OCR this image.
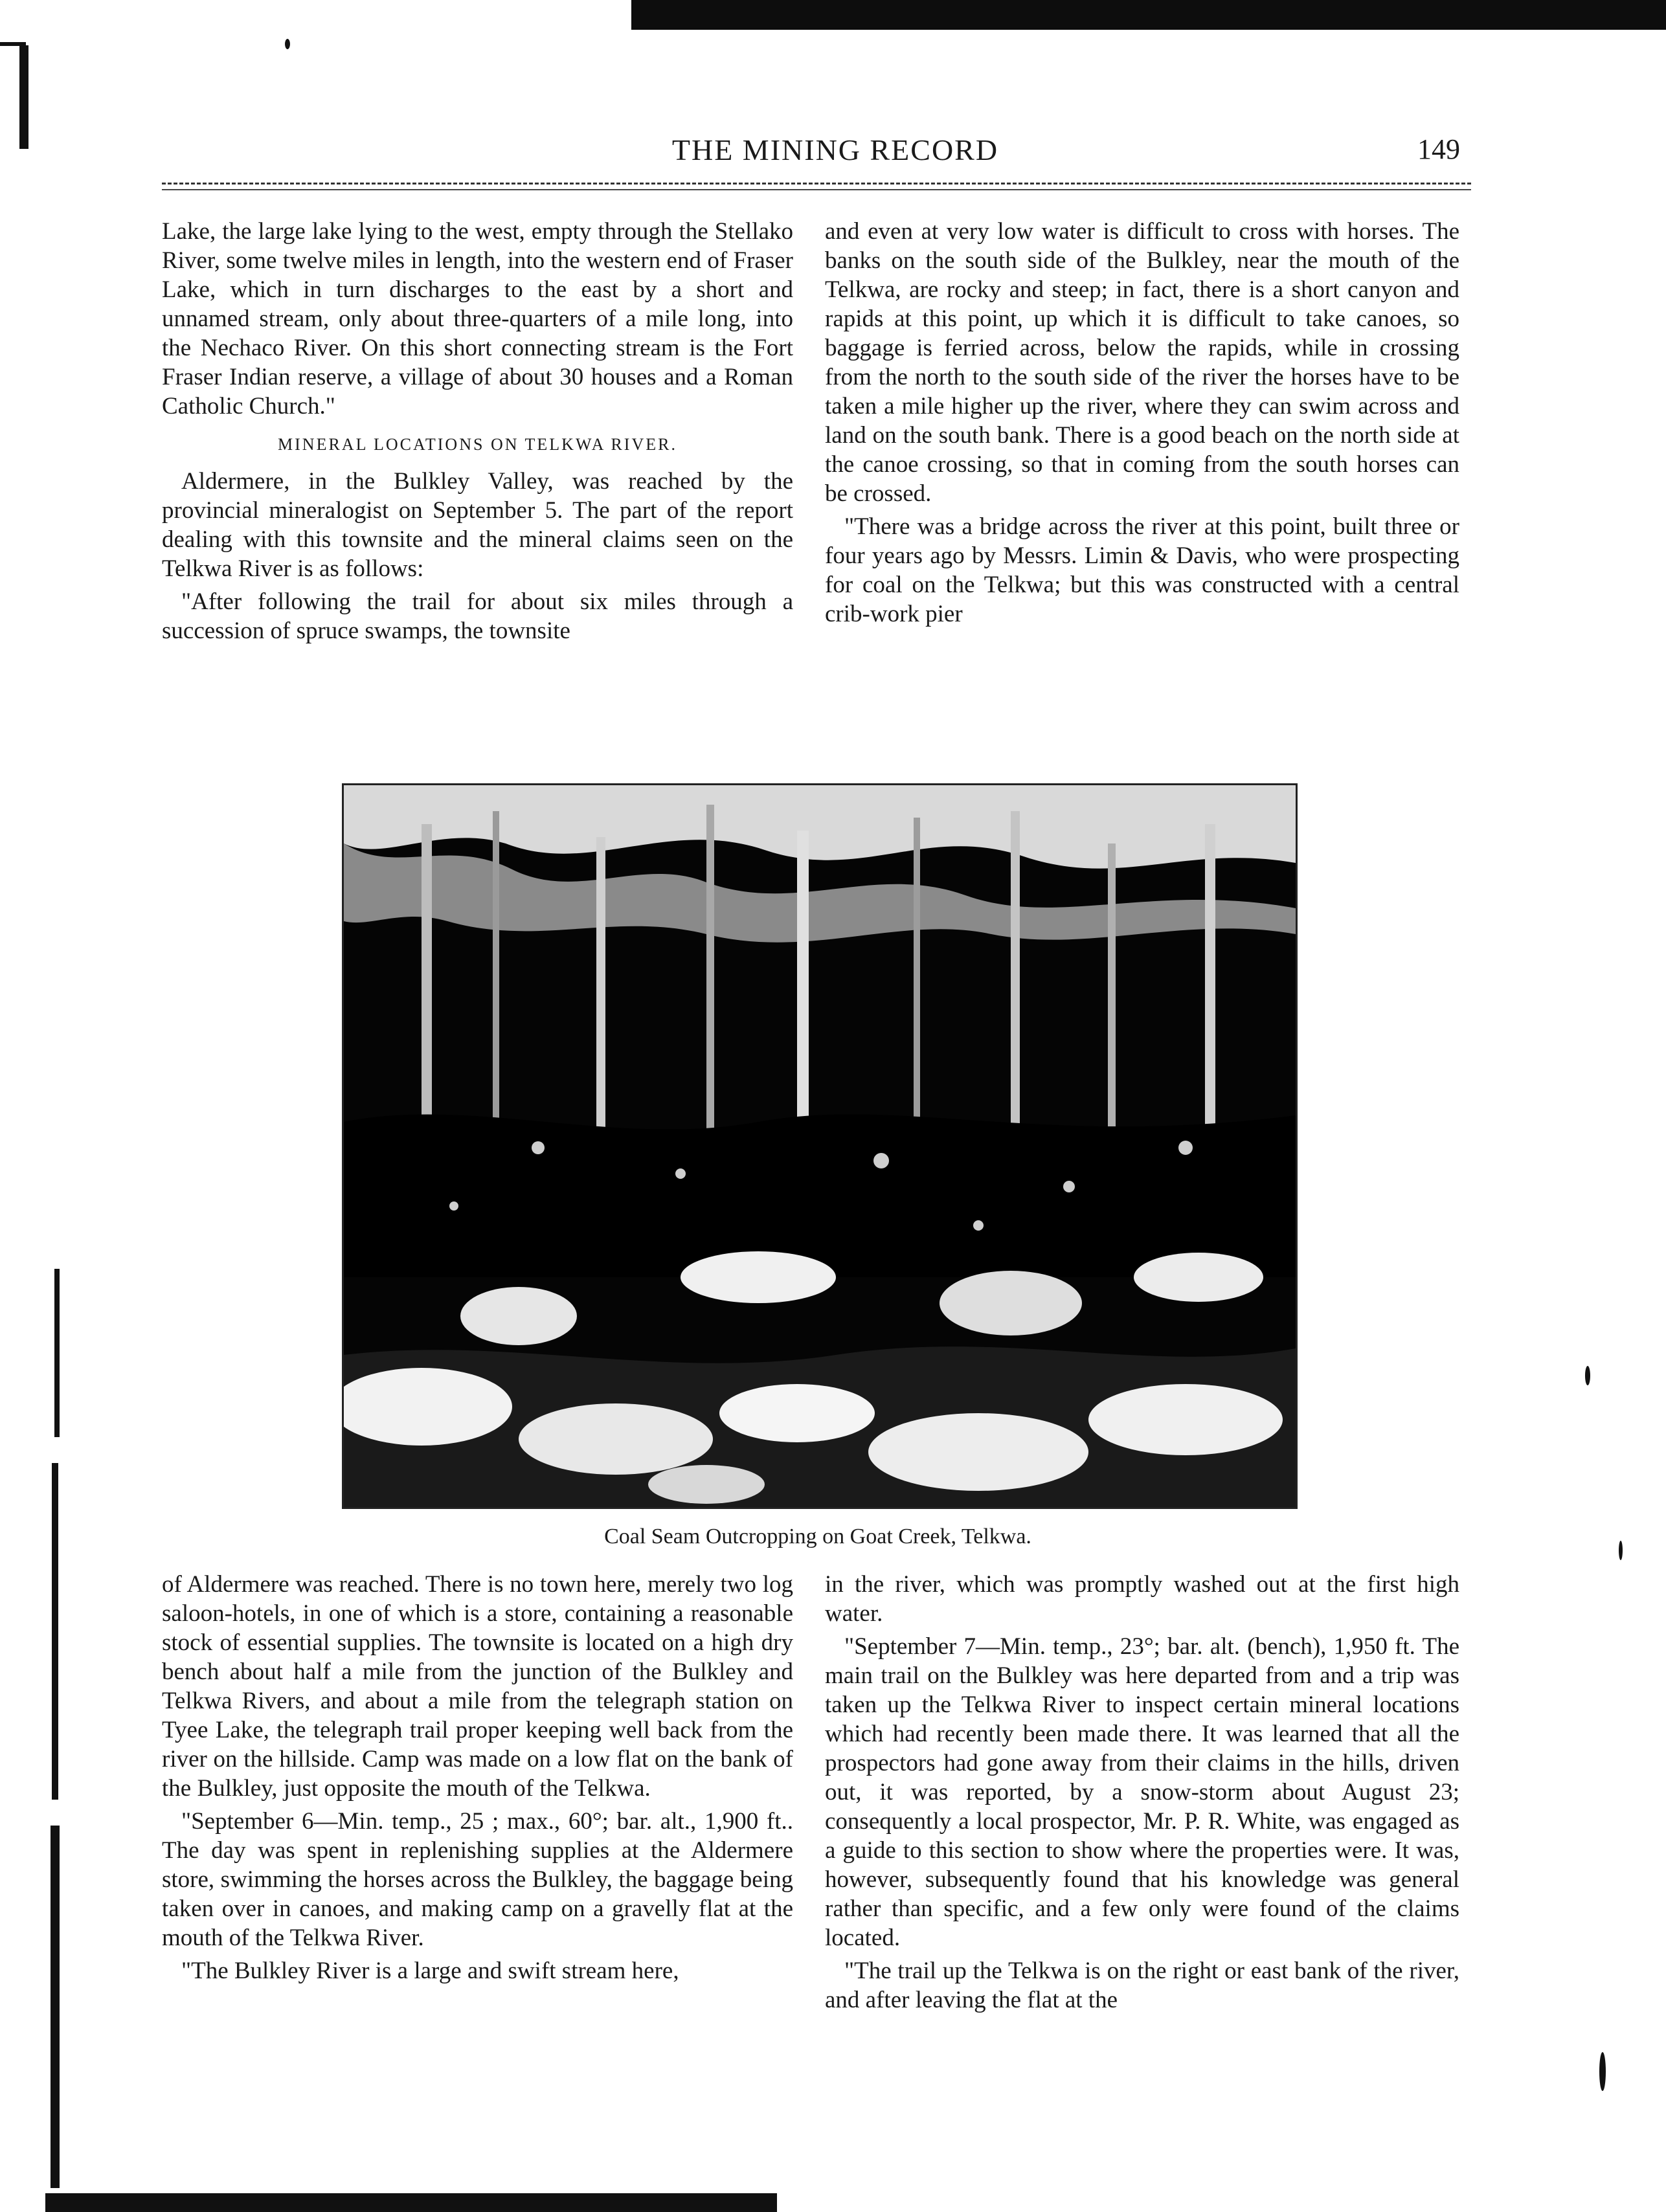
THE MINING RECORD	149

Lake, the large lake lying to the west, empty through the Stellako River, some twelve miles in length, into the western end of Fraser Lake, which in turn discharges to the east by a short and unnamed stream, only about three-quarters of a mile long, into the Nechaco River. On this short connecting stream is the Fort Fraser Indian reserve, a village of about 30 houses and a Roman Catholic Church."

MINERAL LOCATIONS ON TELKWA RIVER.

Aldermere, in the Bulkley Valley, was reached by the provincial mineralogist on September 5. The part of the report dealing with this townsite and the mineral claims seen on the Telkwa River is as follows:

"After following the trail for about six miles through a succession of spruce swamps, the townsite

and even at very low water is difficult to cross with horses. The banks on the south side of the Bulkley, near the mouth of the Telkwa, are rocky and steep; in fact, there is a short canyon and rapids at this point, up which it is difficult to take canoes, so baggage is ferried across, below the rapids, while in crossing from the north to the south side of the river the horses have to be taken a mile higher up the river, where they can swim across and land on the south bank. There is a good beach on the north side at the canoe crossing, so that in coming from the south horses can be crossed.

"There was a bridge across the river at this point, built three or four years ago by Messrs. Limin & Davis, who were prospecting for coal on the Telkwa; but this was constructed with a central crib-work pier

Coal Seam Outcropping on Goat Creek, Telkwa.

of Aldermere was reached. There is no town here, merely two log saloon-hotels, in one of which is a store, containing a reasonable stock of essential supplies. The townsite is located on a high dry bench about half a mile from the junction of the Bulkley and Telkwa Rivers, and about a mile from the telegraph station on Tyee Lake, the telegraph trail proper keeping well back from the river on the hillside. Camp was made on a low flat on the bank of the Bulkley, just opposite the mouth of the Telkwa.

"September 6—Min. temp., 25 ; max., 60°; bar. alt., 1,900 ft.. The day was spent in replenishing supplies at the Aldermere store, swimming the horses across the Bulkley, the baggage being taken over in canoes, and making camp on a gravelly flat at the mouth of the Telkwa River.

"The Bulkley River is a large and swift stream here,

in the river, which was promptly washed out at the first high water.

"September 7—Min. temp., 23°; bar. alt. (bench), 1,950 ft. The main trail on the Bulkley was here departed from and a trip was taken up the Telkwa River to inspect certain mineral locations which had recently been made there. It was learned that all the prospectors had gone away from their claims in the hills, driven out, it was reported, by a snow-storm about August 23; consequently a local prospector, Mr. P. R. White, was engaged as a guide to this section to show where the properties were. It was, however, subsequently found that his knowledge was general rather than specific, and a few only were found of the claims located.

"The trail up the Telkwa is on the right or east bank of the river, and after leaving the flat at the
